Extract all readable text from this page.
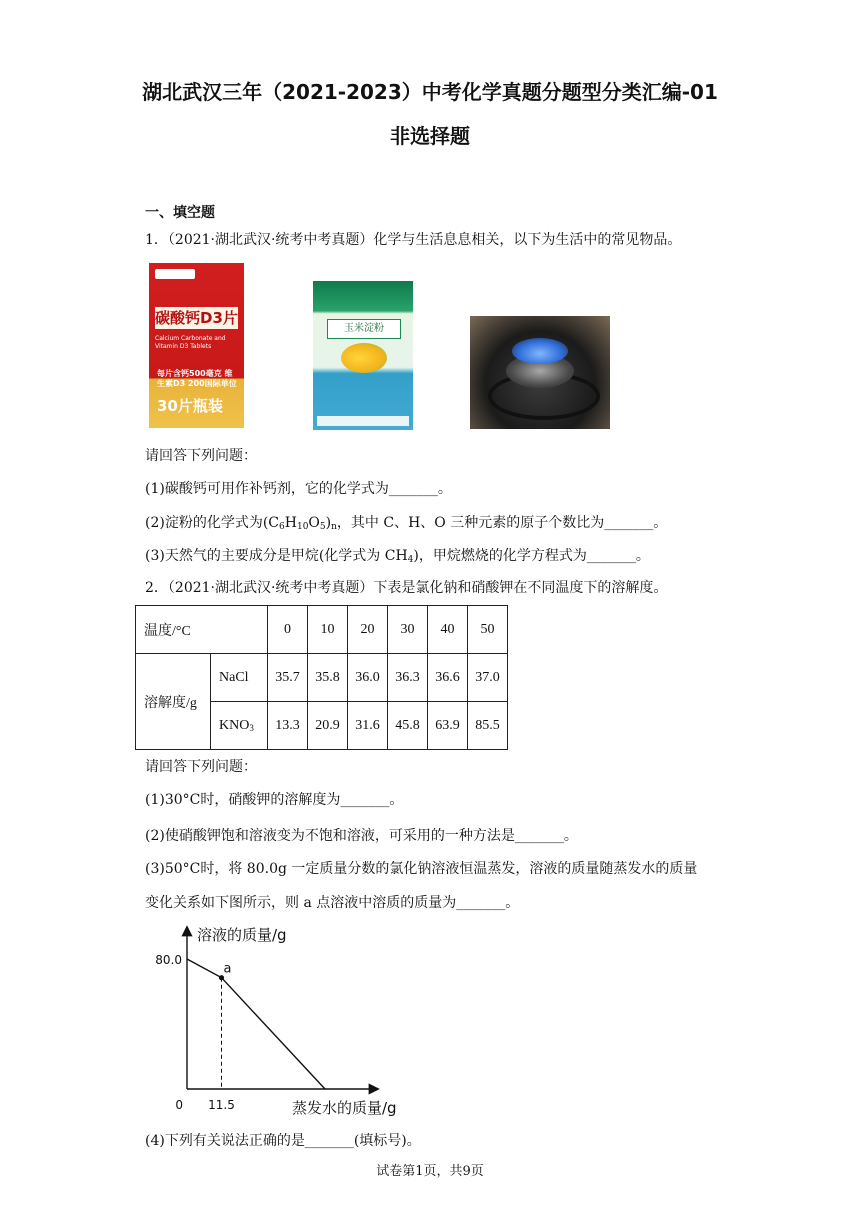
湖北武汉三年（2021-2023）中考化学真题分题型分类汇编-01
非选择题
一、填空题
1．（2021·湖北武汉·统考中考真题）化学与生活息息相关，以下为生活中的常见物品。
碳酸钙D3片
Calcium Carbonate and Vitamin D3 Tablets
每片含钙500毫克 维生素D3 200国际单位
30片瓶装
玉米淀粉
请回答下列问题：
(1)碳酸钙可用作补钙剂，它的化学式为_______。
(2)淀粉的化学式为$(C_6H_{10}O_5)_n$，其中 C、H、O 三种元素的原子个数比为_______。
(3)天然气的主要成分是甲烷(化学式为 $CH_4$)，甲烷燃烧的化学方程式为_______。
2．（2021·湖北武汉·统考中考真题）下表是氯化钠和硝酸钾在不同温度下的溶解度。
温度/°C		0	10	20	30	40	50
溶解度/g	NaCl	35.7	35.8	36.0	36.3	36.6	37.0
	$KNO_3$	13.3	20.9	31.6	45.8	63.9	85.5
请回答下列问题：
(1)30°C时，硝酸钾的溶解度为_______。
(2)使硝酸钾饱和溶液变为不饱和溶液，可采用的一种方法是_______。
(3)50°C时，将 80.0g 一定质量分数的氯化钠溶液恒温蒸发，溶液的质量随蒸发水的质量
变化关系如下图所示，则 a 点溶液中溶质的质量为_______。
a
80.0
11.5
0
溶液的质量/g
蒸发水的质量/g
(4)下列有关说法正确的是_______(填标号)。
试卷第1页，共9页
